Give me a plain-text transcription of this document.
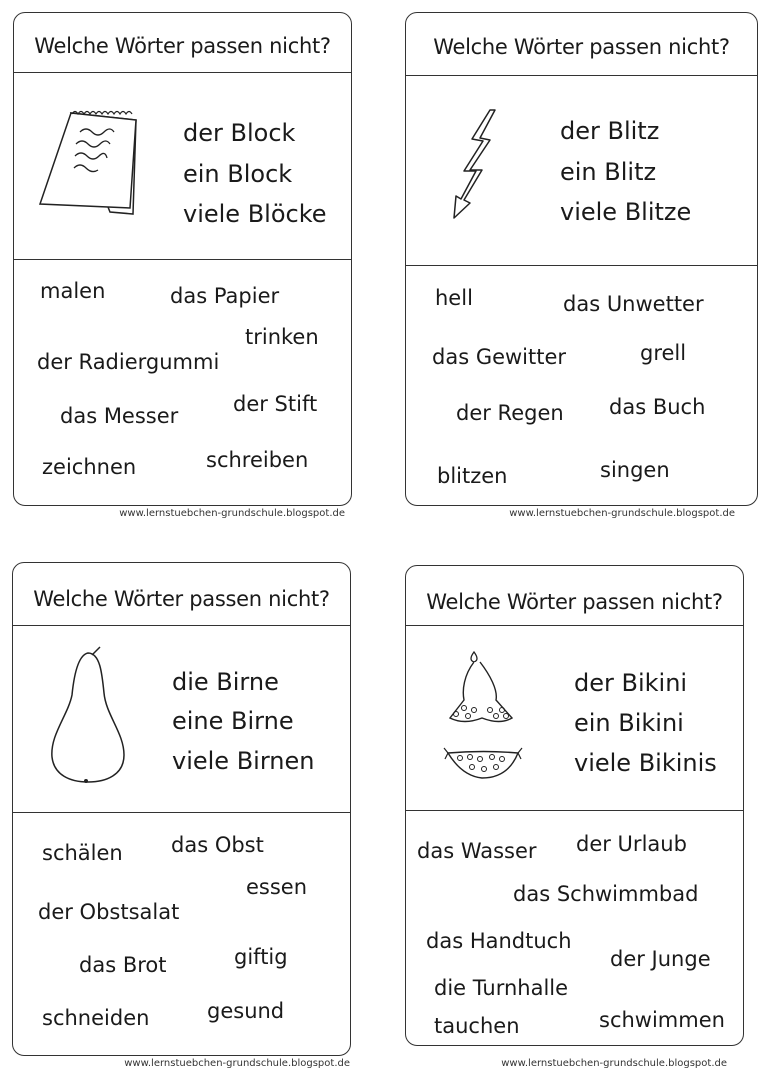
Welche Wörter passen nicht?
der Block
ein Block
viele Blöcke
malen	das Papier
trinken
der Radiergummi
das Messer	der Stift
zeichnen	schreiben
www.lernstuebchen-grundschule.blogspot.de
Welche Wörter passen nicht?
der Blitz
ein Blitz
viele Blitze
hell	das Unwetter
das Gewitter	grell
der Regen das Buch
blitzen	singen
www.lernstuebchen-grundschule.blogspot.de
Welche Wörter passen nicht?
die Birne
eine Birne
viele Birnen
schälen das Obst
essen
der Obstsalat
das Brot	giftig
schneiden	gesund
www.lernstuebchen-grundschule.blogspot.de
Welche Wörter passen nicht?
der Bikini
ein Bikini
viele Bikinis
das Wasser der Urlaub
das Schwimmbad
das Handtuch
der Junge
die Turnhalle
tauchen	schwimmen
www.lernstuebchen-grundschule.blogspot.de
